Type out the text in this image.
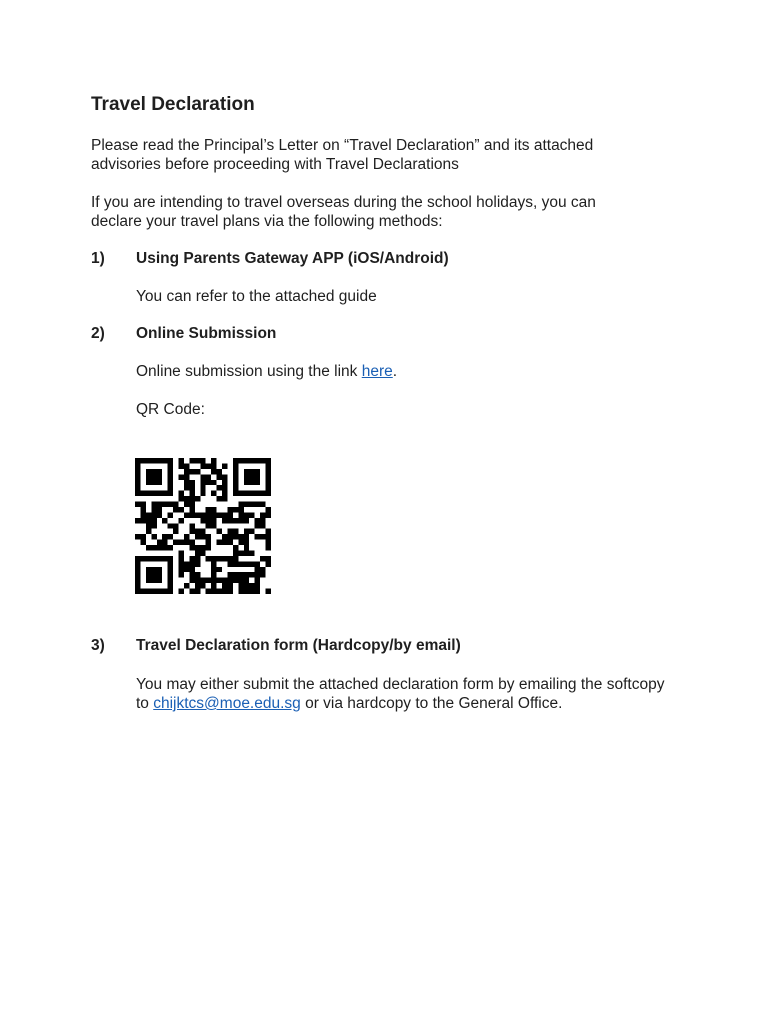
Travel Declaration

Please read the Principal’s Letter on “Travel Declaration” and its attached advisories before proceeding with Travel Declarations

If you are intending to travel overseas during the school holidays, you can declare your travel plans via the following methods:

1) Using Parents Gateway APP (iOS/Android)
You can refer to the attached guide
2) Online Submission
Online submission using the link here.
QR Code:
3) Travel Declaration form (Hardcopy/by email)
You may either submit the attached declaration form by emailing the softcopy to chijktcs@moe.edu.sg or via hardcopy to the General Office.
